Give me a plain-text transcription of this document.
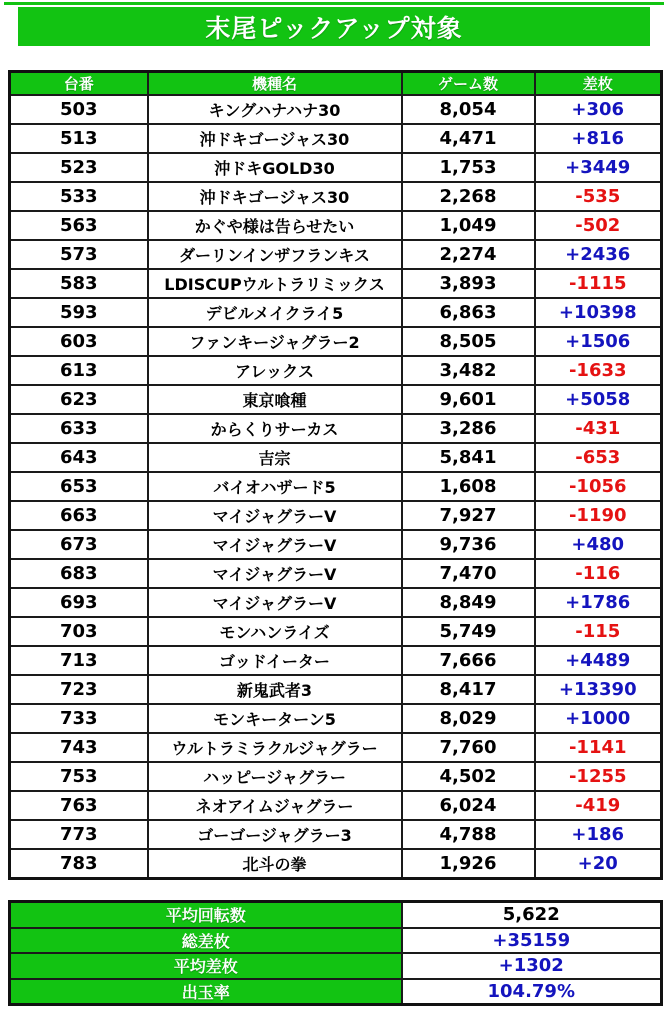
末尾ピックアップ対象
台番	機種名	ゲーム数	差枚
503	キングハナハナ30	8,054	+306
513	沖ドキゴージャス30	4,471	+816
523	沖ドキGOLD30	1,753	+3449
533	沖ドキゴージャス30	2,268	-535
563	かぐや様は告らせたい	1,049	-502
573	ダーリンインザフランキス	2,274	+2436
583	LDISCUPウルトラリミックス	3,893	-1115
593	デビルメイクライ5	6,863	+10398
603	ファンキージャグラー2	8,505	+1506
613	アレックス	3,482	-1633
623	東京喰種	9,601	+5058
633	からくりサーカス	3,286	-431
643	吉宗	5,841	-653
653	バイオハザード5	1,608	-1056
663	マイジャグラーV	7,927	-1190
673	マイジャグラーV	9,736	+480
683	マイジャグラーV	7,470	-116
693	マイジャグラーV	8,849	+1786
703	モンハンライズ	5,749	-115
713	ゴッドイーター	7,666	+4489
723	新鬼武者3	8,417	+13390
733	モンキーターン5	8,029	+1000
743	ウルトラミラクルジャグラー	7,760	-1141
753	ハッピージャグラー	4,502	-1255
763	ネオアイムジャグラー	6,024	-419
773	ゴーゴージャグラー3	4,788	+186
783	北斗の拳	1,926	+20
平均回転数	5,622
総差枚	+35159
平均差枚	+1302
出玉率	104.79%
